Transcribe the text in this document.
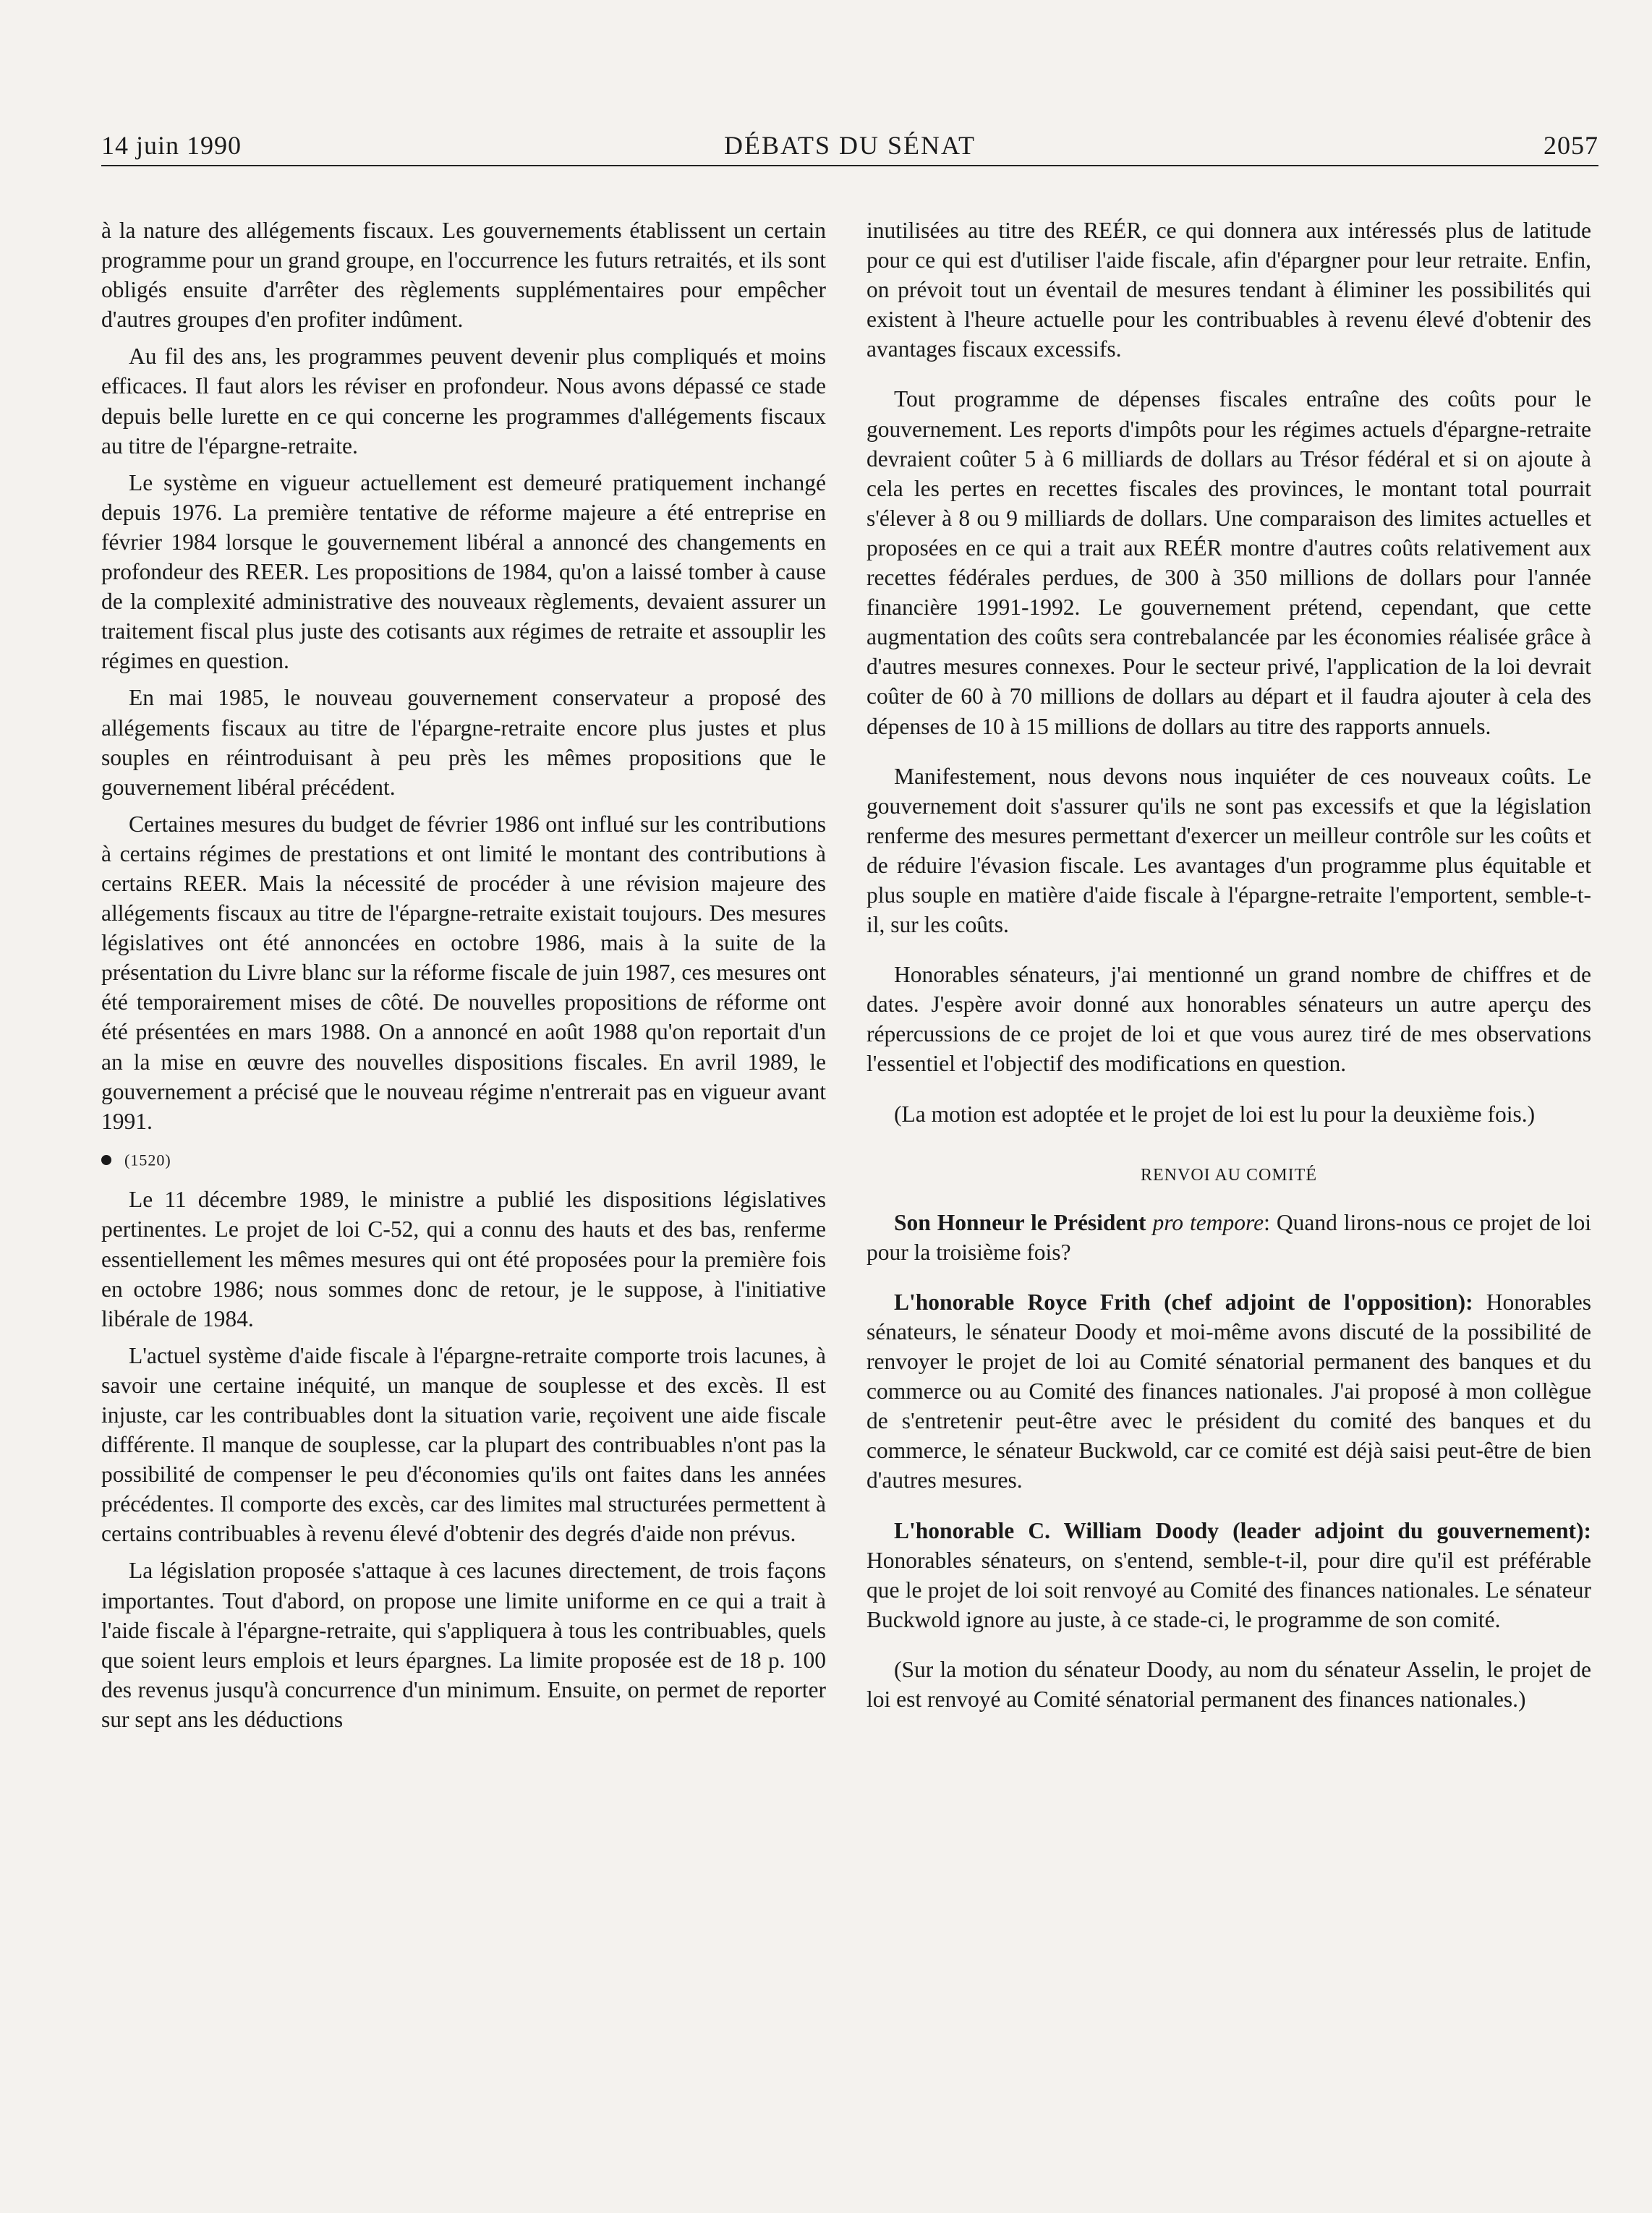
14 juin 1990	DÉBATS DU SÉNAT	2057

à la nature des allégements fiscaux. Les gouvernements établissent un certain programme pour un grand groupe, en l'occurrence les futurs retraités, et ils sont obligés ensuite d'arrêter des règlements supplémentaires pour empêcher d'autres groupes d'en profiter indûment.

Au fil des ans, les programmes peuvent devenir plus compliqués et moins efficaces. Il faut alors les réviser en profondeur. Nous avons dépassé ce stade depuis belle lurette en ce qui concerne les programmes d'allégements fiscaux au titre de l'épargne-retraite.

Le système en vigueur actuellement est demeuré pratiquement inchangé depuis 1976. La première tentative de réforme majeure a été entreprise en février 1984 lorsque le gouvernement libéral a annoncé des changements en profondeur des REER. Les propositions de 1984, qu'on a laissé tomber à cause de la complexité administrative des nouveaux règlements, devaient assurer un traitement fiscal plus juste des cotisants aux régimes de retraite et assouplir les régimes en question.

En mai 1985, le nouveau gouvernement conservateur a proposé des allégements fiscaux au titre de l'épargne-retraite encore plus justes et plus souples en réintroduisant à peu près les mêmes propositions que le gouvernement libéral précédent.

Certaines mesures du budget de février 1986 ont influé sur les contributions à certains régimes de prestations et ont limité le montant des contributions à certains REER. Mais la nécessité de procéder à une révision majeure des allégements fiscaux au titre de l'épargne-retraite existait toujours. Des mesures législatives ont été annoncées en octobre 1986, mais à la suite de la présentation du Livre blanc sur la réforme fiscale de juin 1987, ces mesures ont été temporairement mises de côté. De nouvelles propositions de réforme ont été présentées en mars 1988. On a annoncé en août 1988 qu'on reportait d'un an la mise en œuvre des nouvelles dispositions fiscales. En avril 1989, le gouvernement a précisé que le nouveau régime n'entrerait pas en vigueur avant 1991.

(1520)

Le 11 décembre 1989, le ministre a publié les dispositions législatives pertinentes. Le projet de loi C-52, qui a connu des hauts et des bas, renferme essentiellement les mêmes mesures qui ont été proposées pour la première fois en octobre 1986; nous sommes donc de retour, je le suppose, à l'initiative libérale de 1984.

L'actuel système d'aide fiscale à l'épargne-retraite comporte trois lacunes, à savoir une certaine inéquité, un manque de souplesse et des excès. Il est injuste, car les contribuables dont la situation varie, reçoivent une aide fiscale différente. Il manque de souplesse, car la plupart des contribuables n'ont pas la possibilité de compenser le peu d'économies qu'ils ont faites dans les années précédentes. Il comporte des excès, car des limites mal structurées permettent à certains contribuables à revenu élevé d'obtenir des degrés d'aide non prévus.

La législation proposée s'attaque à ces lacunes directement, de trois façons importantes. Tout d'abord, on propose une limite uniforme en ce qui a trait à l'aide fiscale à l'épargne-retraite, qui s'appliquera à tous les contribuables, quels que soient leurs emplois et leurs épargnes. La limite proposée est de 18 p. 100 des revenus jusqu'à concurrence d'un minimum. Ensuite, on permet de reporter sur sept ans les déductions

inutilisées au titre des REÉR, ce qui donnera aux intéressés plus de latitude pour ce qui est d'utiliser l'aide fiscale, afin d'épargner pour leur retraite. Enfin, on prévoit tout un éventail de mesures tendant à éliminer les possibilités qui existent à l'heure actuelle pour les contribuables à revenu élevé d'obtenir des avantages fiscaux excessifs.

Tout programme de dépenses fiscales entraîne des coûts pour le gouvernement. Les reports d'impôts pour les régimes actuels d'épargne-retraite devraient coûter 5 à 6 milliards de dollars au Trésor fédéral et si on ajoute à cela les pertes en recettes fiscales des provinces, le montant total pourrait s'élever à 8 ou 9 milliards de dollars. Une comparaison des limites actuelles et proposées en ce qui a trait aux REÉR montre d'autres coûts relativement aux recettes fédérales perdues, de 300 à 350 millions de dollars pour l'année financière 1991-1992. Le gouvernement prétend, cependant, que cette augmentation des coûts sera contrebalancée par les économies réalisée grâce à d'autres mesures connexes. Pour le secteur privé, l'application de la loi devrait coûter de 60 à 70 millions de dollars au départ et il faudra ajouter à cela des dépenses de 10 à 15 millions de dollars au titre des rapports annuels.

Manifestement, nous devons nous inquiéter de ces nouveaux coûts. Le gouvernement doit s'assurer qu'ils ne sont pas excessifs et que la législation renferme des mesures permettant d'exercer un meilleur contrôle sur les coûts et de réduire l'évasion fiscale. Les avantages d'un programme plus équitable et plus souple en matière d'aide fiscale à l'épargne-retraite l'emportent, semble-t-il, sur les coûts.

Honorables sénateurs, j'ai mentionné un grand nombre de chiffres et de dates. J'espère avoir donné aux honorables sénateurs un autre aperçu des répercussions de ce projet de loi et que vous aurez tiré de mes observations l'essentiel et l'objectif des modifications en question.

(La motion est adoptée et le projet de loi est lu pour la deuxième fois.)

RENVOI AU COMITÉ

Son Honneur le Président pro tempore: Quand lirons-nous ce projet de loi pour la troisième fois?

L'honorable Royce Frith (chef adjoint de l'opposition): Honorables sénateurs, le sénateur Doody et moi-même avons discuté de la possibilité de renvoyer le projet de loi au Comité sénatorial permanent des banques et du commerce ou au Comité des finances nationales. J'ai proposé à mon collègue de s'entretenir peut-être avec le président du comité des banques et du commerce, le sénateur Buckwold, car ce comité est déjà saisi peut-être de bien d'autres mesures.

L'honorable C. William Doody (leader adjoint du gouvernement): Honorables sénateurs, on s'entend, semble-t-il, pour dire qu'il est préférable que le projet de loi soit renvoyé au Comité des finances nationales. Le sénateur Buckwold ignore au juste, à ce stade-ci, le programme de son comité.

(Sur la motion du sénateur Doody, au nom du sénateur Asselin, le projet de loi est renvoyé au Comité sénatorial permanent des finances nationales.)
